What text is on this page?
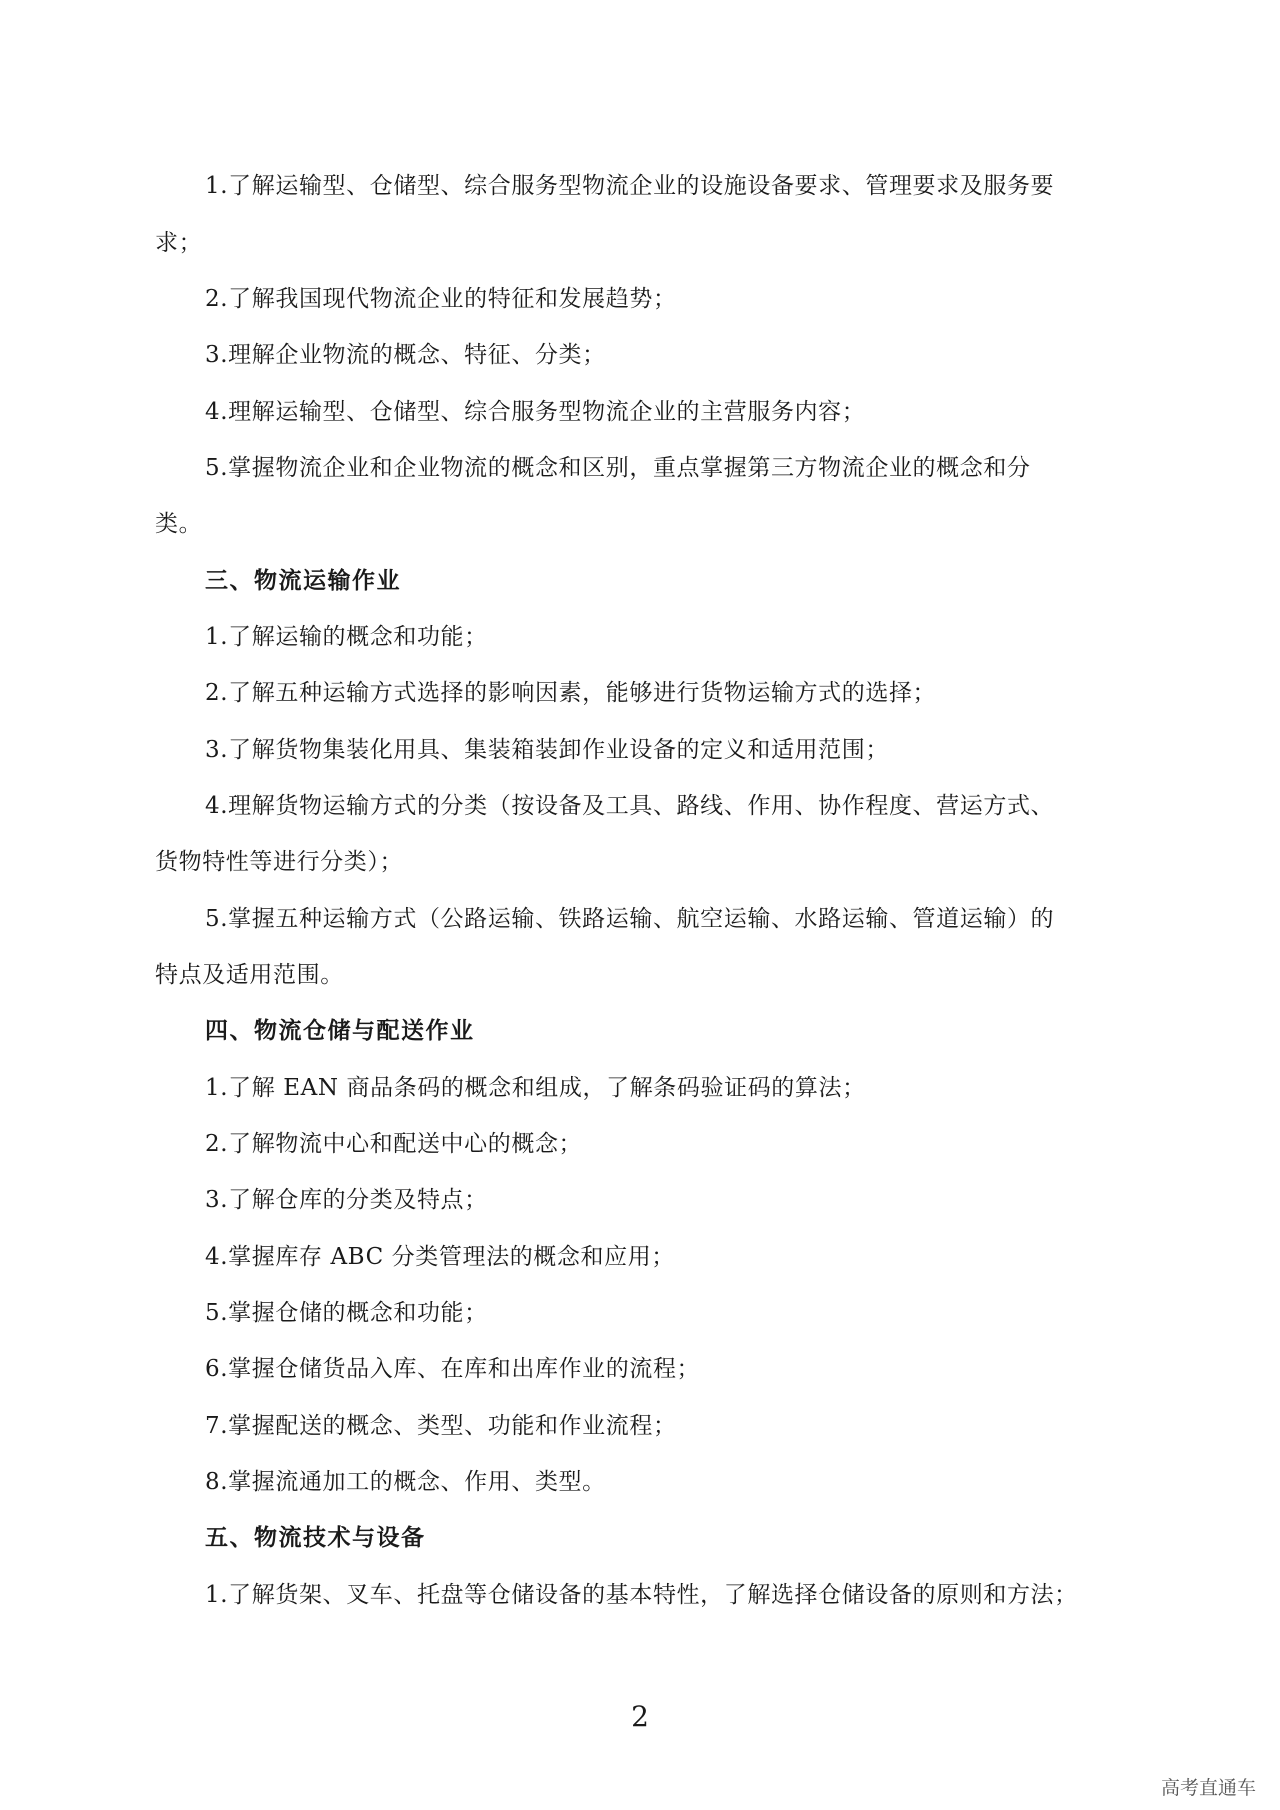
1.了解运输型、仓储型、综合服务型物流企业的设施设备要求、管理要求及服务要

求；

2.了解我国现代物流企业的特征和发展趋势；

3.理解企业物流的概念、特征、分类；

4.理解运输型、仓储型、综合服务型物流企业的主营服务内容；

5.掌握物流企业和企业物流的概念和区别，重点掌握第三方物流企业的概念和分

类。

三、物流运输作业

1.了解运输的概念和功能；

2.了解五种运输方式选择的影响因素，能够进行货物运输方式的选择；

3.了解货物集装化用具、集装箱装卸作业设备的定义和适用范围；

4.理解货物运输方式的分类（按设备及工具、路线、作用、协作程度、营运方式、

货物特性等进行分类）；

5.掌握五种运输方式（公路运输、铁路运输、航空运输、水路运输、管道运输）的

特点及适用范围。

四、物流仓储与配送作业

1.了解 EAN 商品条码的概念和组成，了解条码验证码的算法；

2.了解物流中心和配送中心的概念；

3.了解仓库的分类及特点；

4.掌握库存 ABC 分类管理法的概念和应用；

5.掌握仓储的概念和功能；

6.掌握仓储货品入库、在库和出库作业的流程；

7.掌握配送的概念、类型、功能和作业流程；

8.掌握流通加工的概念、作用、类型。

五、物流技术与设备

1.了解货架、叉车、托盘等仓储设备的基本特性，了解选择仓储设备的原则和方法；

2

高考直通车
